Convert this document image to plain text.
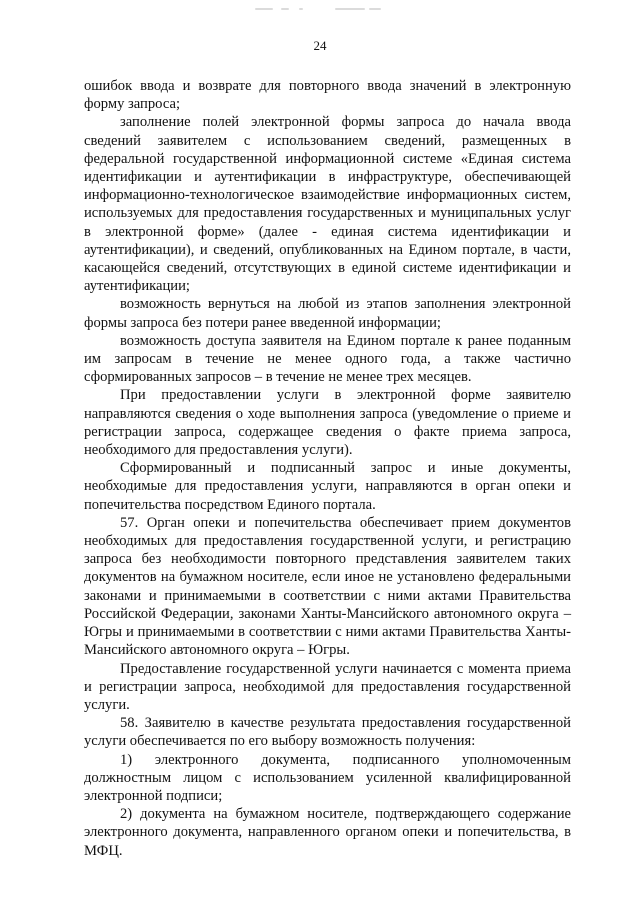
24

ошибок ввода и возврате для повторного ввода значений в электронную форму запроса;

заполнение полей электронной формы запроса до начала ввода сведений заявителем с использованием сведений, размещенных в федеральной государственной информационной системе «Единая система идентификации и аутентификации в инфраструктуре, обеспечивающей информационно-технологическое взаимодействие информационных систем, используемых для предоставления государственных и муниципальных услуг в электронной форме» (далее - единая система идентификации и аутентификации), и сведений, опубликованных на Едином портале, в части, касающейся сведений, отсутствующих в единой системе идентификации и аутентификации;

возможность вернуться на любой из этапов заполнения электронной формы запроса без потери ранее введенной информации;

возможность доступа заявителя на Едином портале к ранее поданным им запросам в течение не менее одного года, а также частично сформированных запросов – в течение не менее трех месяцев.

При предоставлении услуги в электронной форме заявителю направляются сведения о ходе выполнения запроса (уведомление о приеме и регистрации запроса, содержащее сведения о факте приема запроса, необходимого для предоставления услуги).

Сформированный и подписанный запрос и иные документы, необходимые для предоставления услуги, направляются в орган опеки и попечительства посредством Единого портала.

57. Орган опеки и попечительства обеспечивает прием документов необходимых для предоставления государственной услуги, и регистрацию запроса без необходимости повторного представления заявителем таких документов на бумажном носителе, если иное не установлено федеральными законами и принимаемыми в соответствии с ними актами Правительства Российской Федерации, законами Ханты-Мансийского автономного округа – Югры и принимаемыми в соответствии с ними актами Правительства Ханты-Мансийского автономного округа – Югры.

Предоставление государственной услуги начинается с момента приема и регистрации запроса, необходимой для предоставления государственной услуги.

58. Заявителю в качестве результата предоставления государственной услуги обеспечивается по его выбору возможность получения:

1) электронного документа, подписанного уполномоченным должностным лицом с использованием усиленной квалифицированной электронной подписи;

2) документа на бумажном носителе, подтверждающего содержание электронного документа, направленного органом опеки и попечительства, в МФЦ.
